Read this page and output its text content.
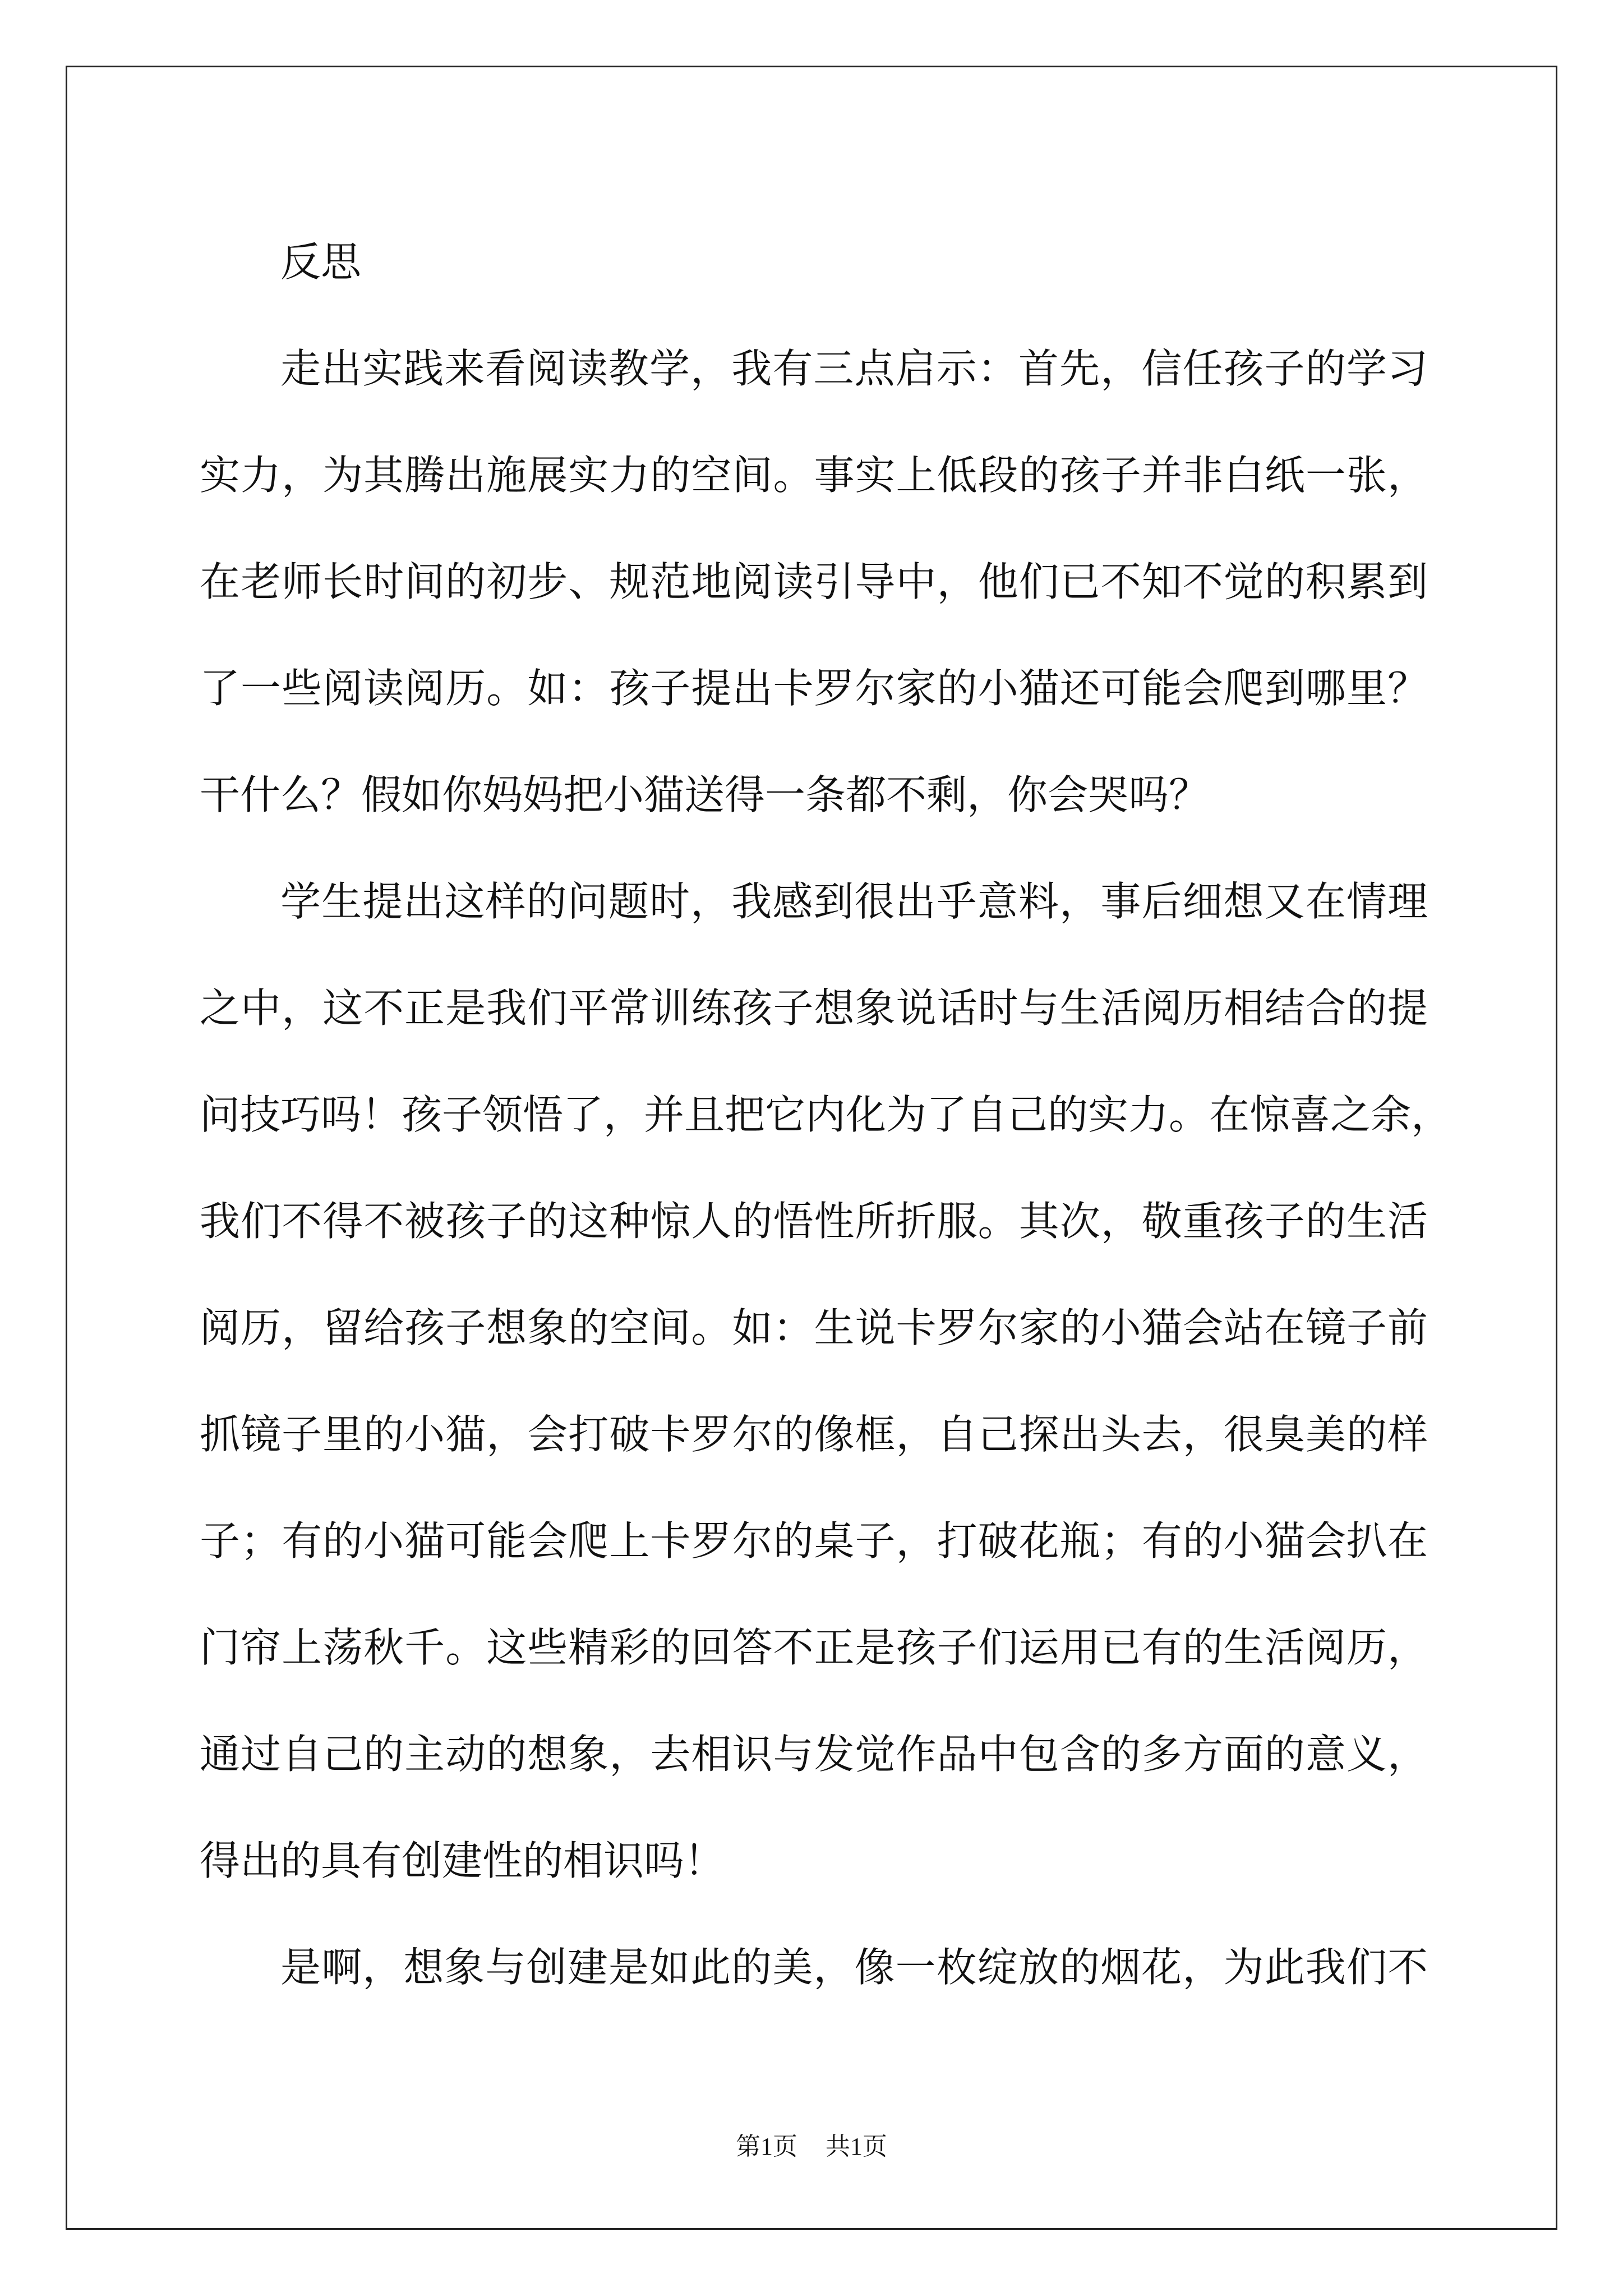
反思
走出实践来看阅读教学，我有三点启示：首先，信任孩子的学习
实力，为其腾出施展实力的空间。事实上低段的孩子并非白纸一张，
在老师长时间的初步、规范地阅读引导中，他们已不知不觉的积累到
了一些阅读阅历。如：孩子提出卡罗尔家的小猫还可能会爬到哪里？
干什么？假如你妈妈把小猫送得一条都不剩，你会哭吗？
学生提出这样的问题时，我感到很出乎意料，事后细想又在情理
之中，这不正是我们平常训练孩子想象说话时与生活阅历相结合的提
问技巧吗！孩子领悟了，并且把它内化为了自己的实力。在惊喜之余，
我们不得不被孩子的这种惊人的悟性所折服。其次，敬重孩子的生活
阅历，留给孩子想象的空间。如：生说卡罗尔家的小猫会站在镜子前
抓镜子里的小猫，会打破卡罗尔的像框，自己探出头去，很臭美的样
子；有的小猫可能会爬上卡罗尔的桌子，打破花瓶；有的小猫会扒在
门帘上荡秋千。这些精彩的回答不正是孩子们运用已有的生活阅历，
通过自己的主动的想象，去相识与发觉作品中包含的多方面的意义，
得出的具有创建性的相识吗！
是啊，想象与创建是如此的美，像一枚绽放的烟花，为此我们不
第1页 共1页
